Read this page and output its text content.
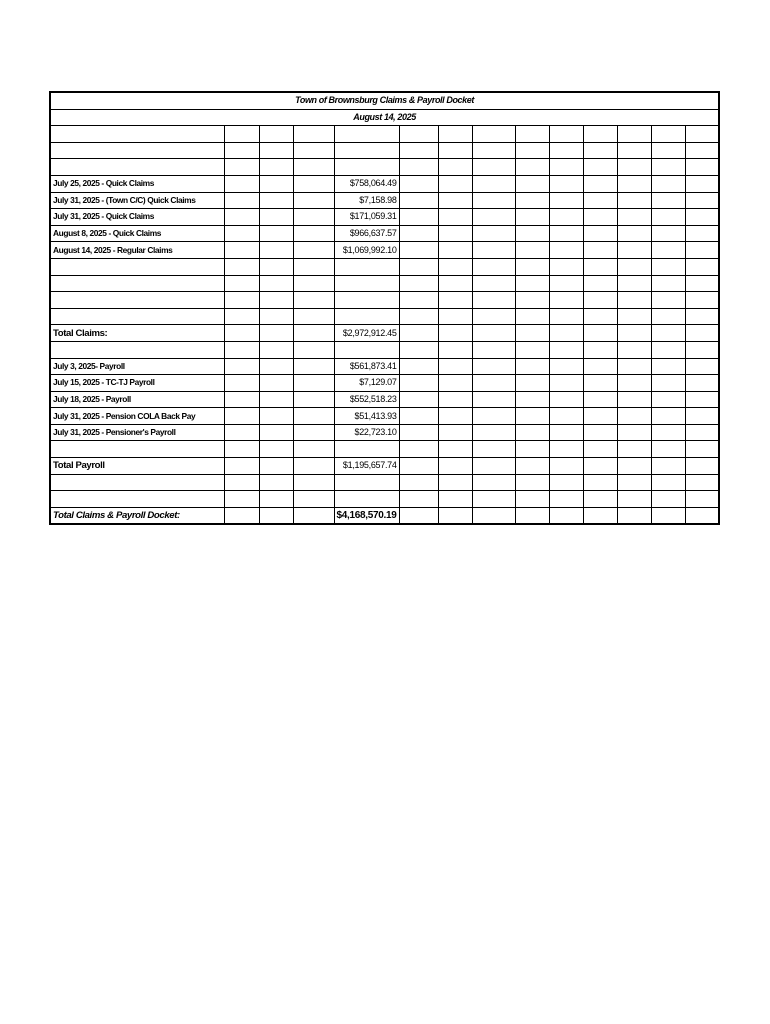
Town of Brownsburg Claims & Payroll Docket													
August 14, 2025													

July 25, 2025 - Quick Claims				$758,064.49									
July 31, 2025 - (Town C/C) Quick Claims				$7,158.98									
July 31, 2025 - Quick Claims				$171,059.31									
August 8, 2025 - Quick Claims				$966,637.57									
August 14, 2025 - Regular Claims				$1,069,992.10									

Total Claims:				$2,972,912.45									

July 3, 2025- Payroll				$561,873.41									
July 15, 2025 - TC-TJ Payroll				$7,129.07									
July 18, 2025 - Payroll				$552,518.23									
July 31, 2025 - Pension COLA Back Pay				$51,413.93									
July 31, 2025 - Pensioner's Payroll				$22,723.10									

Total Payroll				$1,195,657.74									

Total Claims & Payroll Docket:				$4,168,570.19									
